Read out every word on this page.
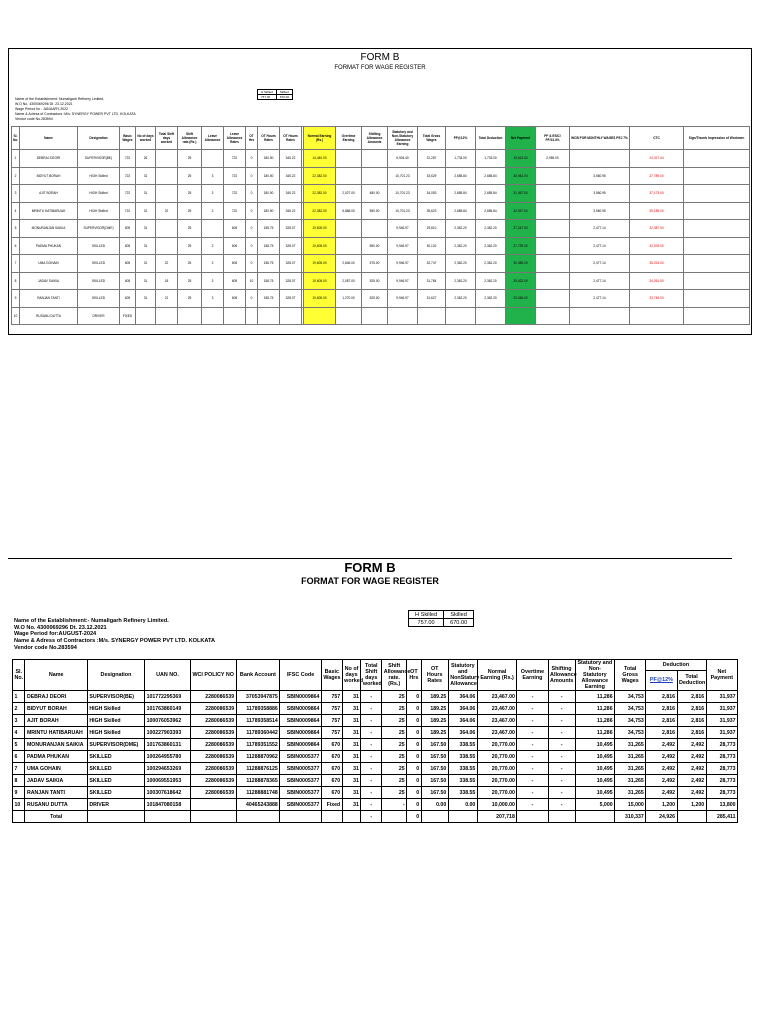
FORM B
FORMAT FOR WAGE REGISTER
H Skilled	Skilled
757.00	670.00
Name of the Establishment: Numaligarh Refinery Limited.
W.O No. 4300069296 Dt. 23.12.2021
Wage Period for : JANUARY-2022
Name & Adress of Contractors :M/s. SYNERGY POWER PVT LTD. KOLKATA
Vendor code No.283594
Sl. No.	Name	Designation	Basic Wages	No of days worked	Total Shift days worked	Shift Allowance rate.(Rs.)	Leave Allowance	Leave Allowance Rates	OT Hrs	OT Hours Rates	OT Hours Rates		Normal Earning (Rs.)	Overtime Earning	Shifting Allowance Amounts	Statutory and Non-Statutory Allowance Earning	Total Gross Wages	PF@12%	Total Deduction	Net Payment	PF & ESIC/ PF/13.4%	WCB FOR MONTHLY WAGES PEJ 7%	CTC	Sign/Thumb Impression of Workmen
1	DEBRAJ DEORI	SUPERVISOR(BE)	722	26		25		722	0	180.50	345.22		14,440.00			6,904.40	22,287	1,733.00	1,733.00	19,613.00	2,955.00		24,317.44	
2	BIDYUT BORAH	HIGH Skilled	722	31		25	3	722	0	180.50	345.22		22,382.00			10,701.23	33,629	2,685.84	2,685.84	30,943.00		3,560.95	37,789.00	
3	AJIT BORAH	HIGH Skilled	722	31		25	3	722	0	180.50	345.22		22,382.00	2,027.00	480.00	10,701.23	34,053	2,685.84	2,685.84	31,367.00		3,560.95	37,173.00	
4	MRINTU HATIBARUAH	HIGH Skilled	722	31	22	25	2	722	0	180.50	345.22		22,382.00	5,868.00	550.00	10,701.23	35,623	2,685.84	2,685.84	32,937.00		3,560.95	39,185.00	
5	MONURANJAN SAIKIA	SUPERVISOR(DME)	605	31		25		605	0	158.75	328.07		19,605.00			9,946.97	29,610	2,362.20	2,362.20	27,247.00		2,477.14	32,087.00	
6	PADMA PHUKAN	SKILLED	605	31		25	2	605	0	158.75	328.07		19,605.00		550.00	9,946.97	30,102	2,362.20	2,362.20	27,739.00		2,477.14	32,578.00	
7	UMA GOHAIN	SKILLED	605	31	22	25	2	605	0	158.75	328.07		19,605.00	2,646.00	575.00	9,946.97	32,747	2,362.20	2,362.20	30,385.00		2,477.14	35,224.00	
8	JADAV SAIKIA	SKILLED	605	31	18	25	3	605	10	158.75	328.07		19,605.00	2,087.00	525.00	9,946.97	31,784	2,362.20	2,362.20	29,422.00		2,477.14	34,261.00	
9	RANJAN TANTI	SKILLED	605	31	21	25	3	605	0	158.75	328.07		19,605.00	1,270.00	525.00	9,946.97	31,627	2,362.20	2,362.20	29,265.00		2,477.14	33,749.00	
10	RUSANU DUTTA	DRIVER	FIXED																					
FORM B
FORMAT FOR WAGE REGISTER
H Skilled	Skilled
757.00	670.00
Name of the Establishment:- Numaligarh Refinery Limited.
W.O No. 4300069296 Dt. 23.12.2021
Wage Period for:AUGUST-2024
Name & Adress of Contractors :M/s. SYNERGY POWER PVT LTD. KOLKATA
Vendor code No.283594
Sl. No.	Name	Designation	UAN NO.	WCI POLICY NO	Bank Account	IFSC Code	Basic Wages	No of days worked	Total Shift days worked	Shift Allowance rate.(Rs.)	OT Hrs	OT Hours Rates	Statutory and NonStatury Allowance	Normal Earning (Rs.)	Overtime Earning	Shifting Allowance Amounts	Statutory and Non-Statutory Allowance Earning	Total Gross Wages	Deduction		Net Payment
																			PF@12%	Total Deduction	
1	DEBRAJ DEORI	SUPERVISOR(BE)	101772295369	2280086539	37053947875	SBIN0009864	757	31	-	25	0	189.25	364.06	23,467.00	-	-	11,286	34,753	2,816	2,816	31,937
2	BIDYUT BORAH	HIGH Skilled	101763860149	2280086539	11789358886	SBIN0009864	757	31	-	25	0	189.25	364.06	23,467.00	-	-	11,286	34,753	2,816	2,816	31,937
3	AJIT BORAH	HIGH Skilled	100076053962	2280086539	11789358514	SBIN0009864	757	31	-	25	0	189.25	364.06	23,467.00	-	-	11,286	34,753	2,816	2,816	31,937
4	MRINTU HATIBARUAH	HIGH Skilled	100227903393	2280086539	11789360442	SBIN0009864	757	31	-	25	0	189.25	364.06	23,467.00	-	-	11,286	34,753	2,816	2,816	31,937
5	MONURANJAN SAIKIA	SUPERVISOR(DME)	101763860131	2280086539	11789351552	SBIN0009864	670	31	-	25	0	167.50	338.55	20,770.00	-	-	10,495	31,265	2,492	2,492	28,773
6	PADMA PHUKAN	SKILLED	100264955780	2280086539	11288870962	SBIN0005377	670	31	-	25	0	167.50	338.55	20,770.00	-	-	10,495	31,265	2,492	2,492	28,773
7	UMA GOHAIN	SKILLED	100294653269	2280086539	11288876125	SBIN0005377	670	31	-	25	0	167.50	338.55	20,770.00	-	-	10,495	31,265	2,492	2,492	28,773
8	JADAV SAIKIA	SKILLED	100069551953	2280086539	11288878365	SBIN0005377	670	31	-	25	0	167.50	338.55	20,770.00	-	-	10,495	31,265	2,492	2,492	28,773
9	RANJAN TANTI	SKILLED	100307618642	2280086539	11288881748	SBIN0005377	670	31	-	25	0	167.50	338.55	20,770.00	-	-	10,495	31,265	2,492	2,492	28,773
10	RUSANU DUTTA	DRIVER	101847080158		40465243888	SBIN0005377	Fixed	31	-	-	0	0.00	0.00	10,000.00	-	-	5,000	15,000	1,200	1,200	13,800
	Total								-		0			207,718				310,337	24,926		285,411
